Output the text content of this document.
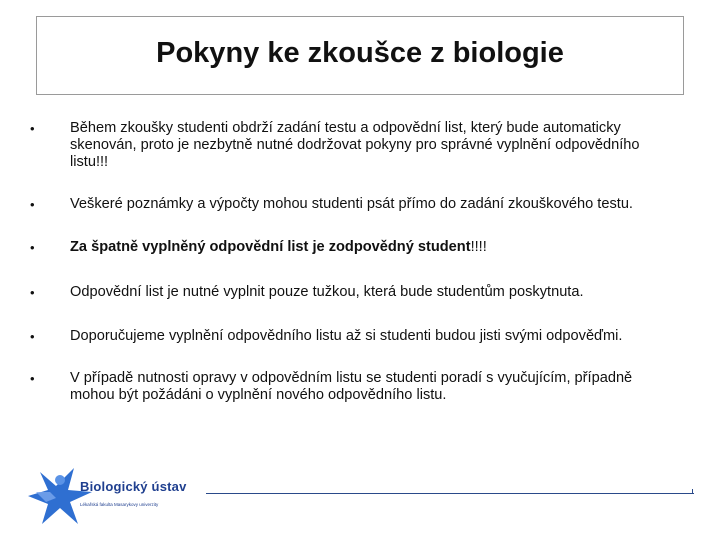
Pokyny ke zkoušce z biologie
•	Během zkoušky studenti obdrží zadání testu a odpovědní list, který bude automaticky skenován, proto je nezbytně nutné dodržovat pokyny pro správné vyplnění odpovědního listu!!!
•	Veškeré poznámky a výpočty mohou studenti psát přímo do zadání zkouškového testu.
•	Za špatně vyplněný odpovědní list je zodpovědný student!!!!
•	Odpovědní list je nutné vyplnit pouze tužkou, která bude studentům poskytnuta.
•	Doporučujeme vyplnění odpovědního listu až si studenti budou jisti svými odpověďmi.
•	V případě nutnosti opravy v odpovědním listu se studenti poradí s vyučujícím, případně mohou být požádáni o vyplnění nového odpovědního listu.
Biologický ústav
Lékařská fakulta Masarykovy univerzity
